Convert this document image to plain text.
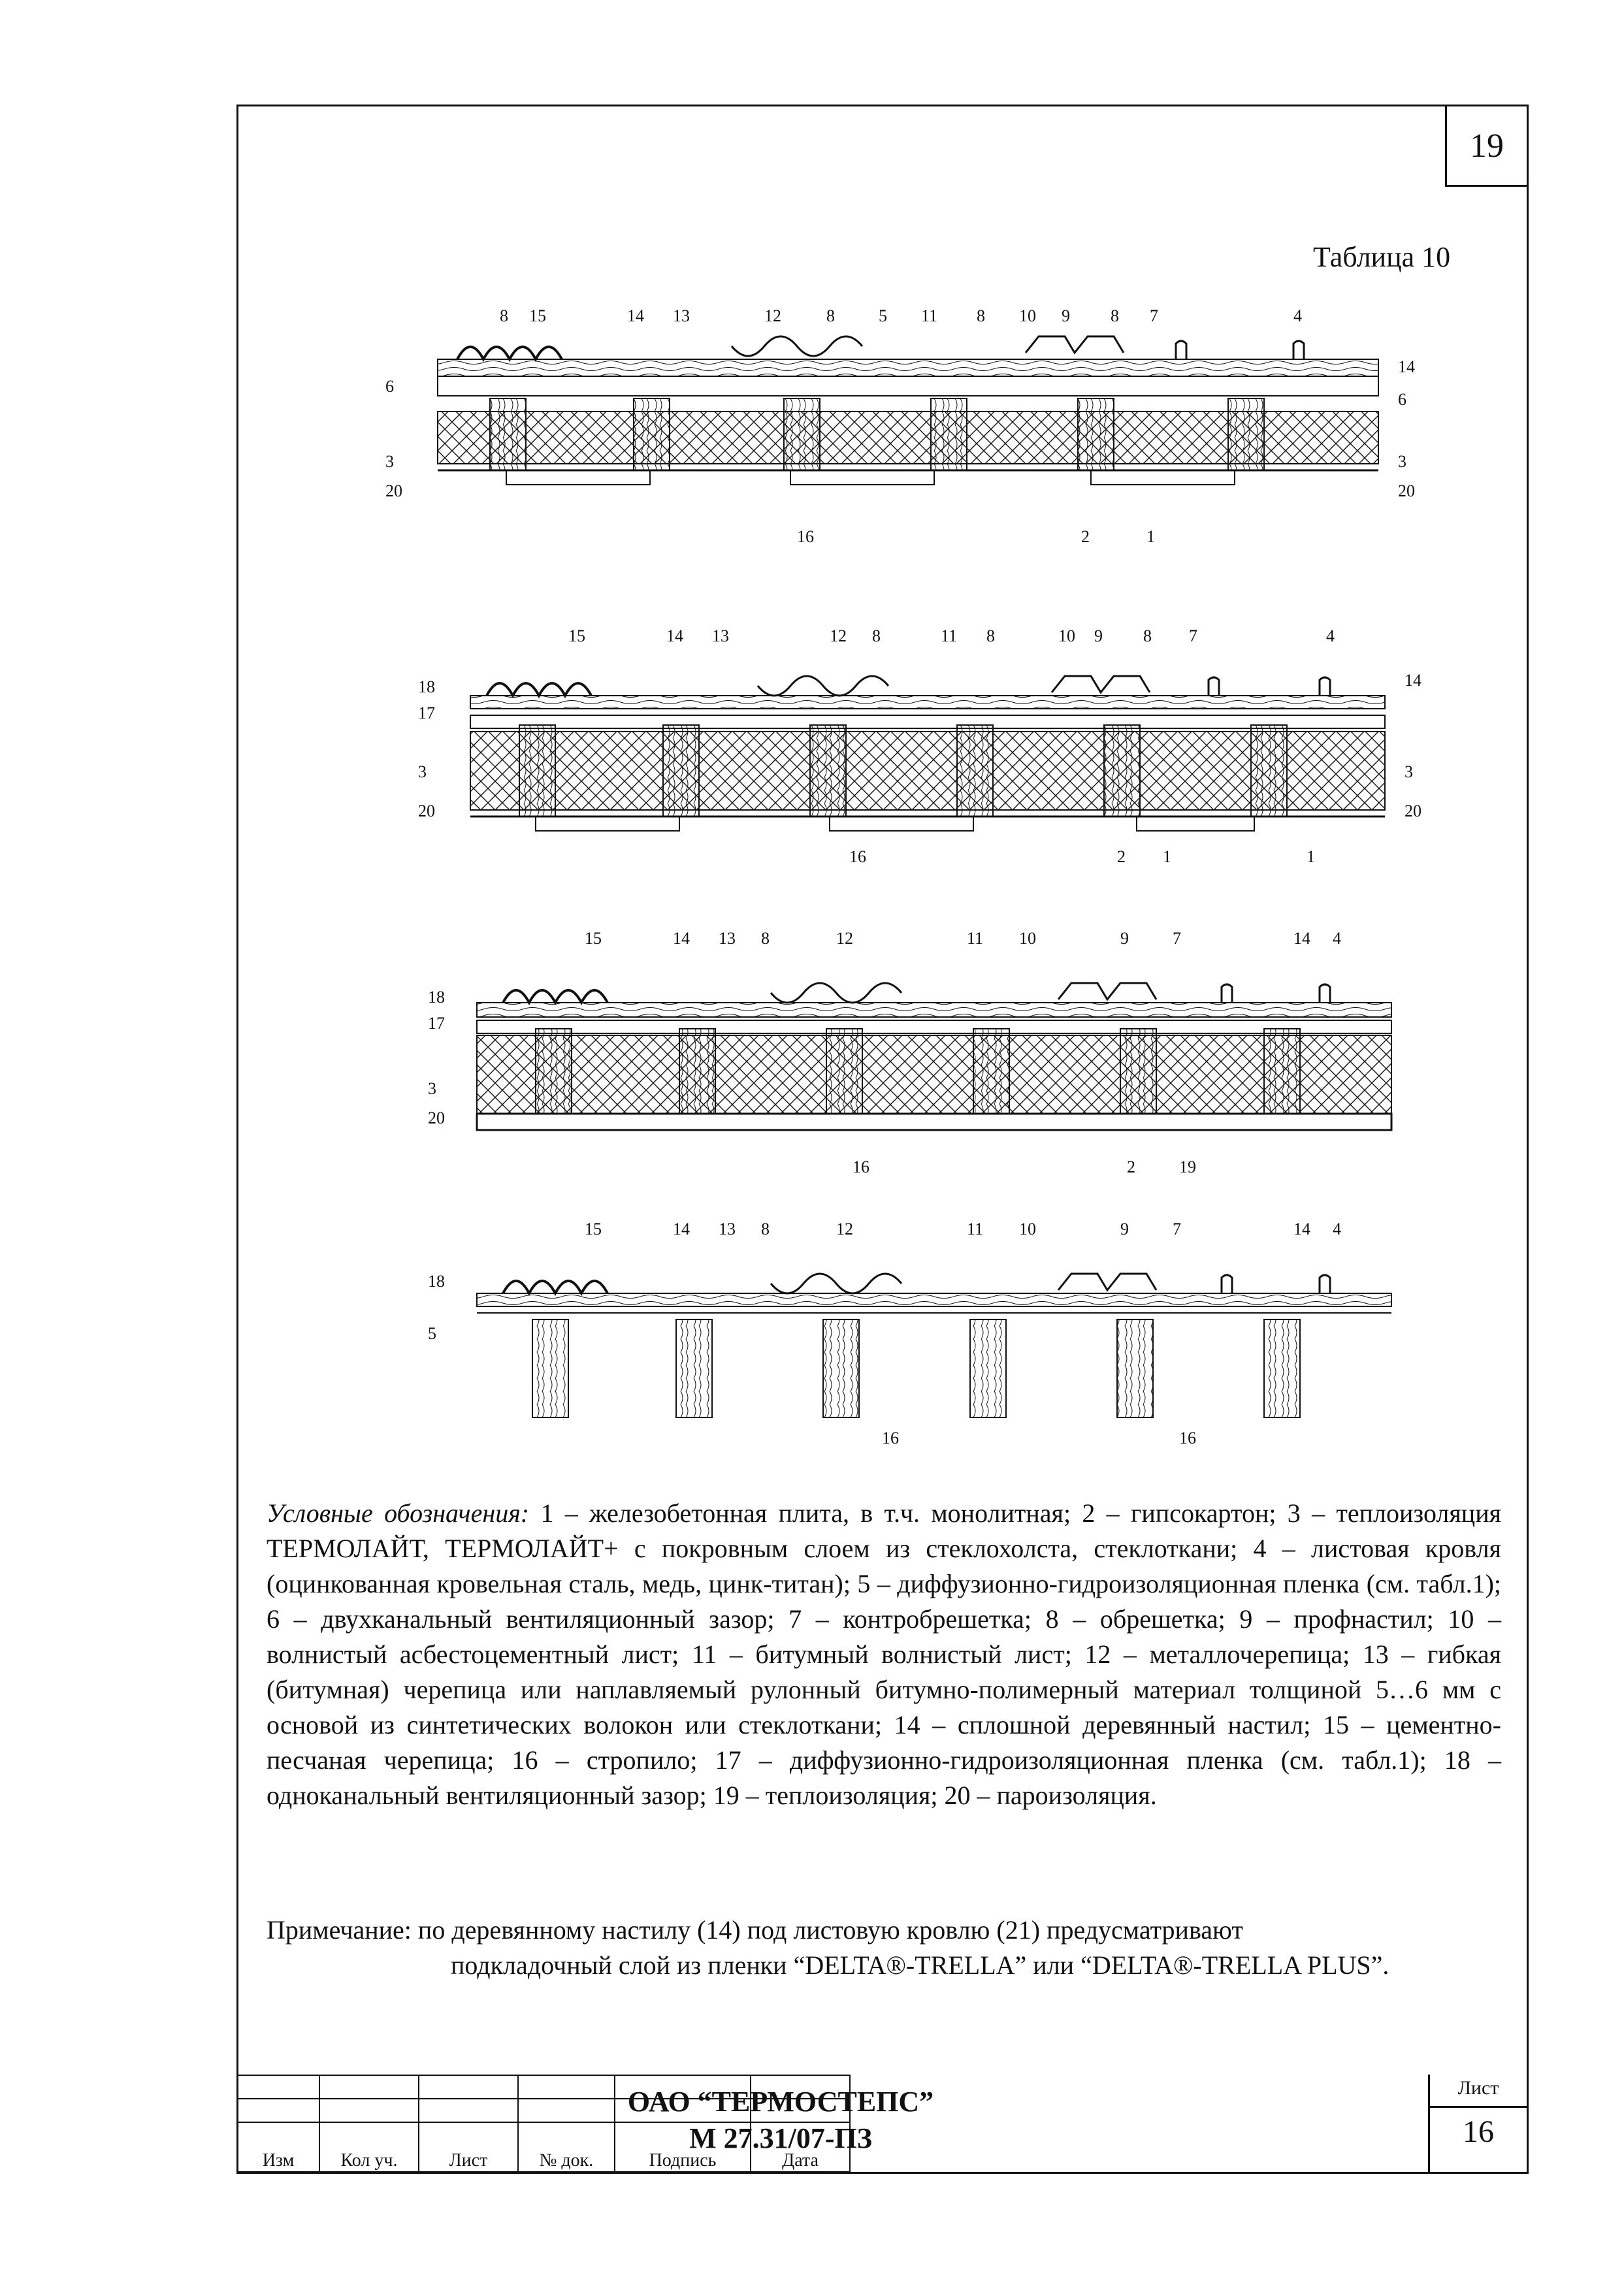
19
Таблица 10
8 15	14 13	12	8	5 11 8 10 9 8 7	4
6
3
20
14
6
3
20
16	2	1
15	14 13	12 8	11 8	10 9 8 7	4
18
17
3
20
14
3
20
16	2 1	1
15	14 13 8	12	11 10	9	7	14 4
18
17
3
20
16	2	19
15	14 13 8	12	11 10	9	7	14 4
18
5
16	16
Условные обозначения: 1 – железобетонная плита, в т.ч. монолитная; 2 – гипсокартон; 3 – теплоизоляция ТЕРМОЛАЙТ, ТЕРМОЛАЙТ+ с покровным слоем из стеклохолста, стеклоткани; 4 – листовая кровля (оцинкованная кровельная сталь, медь, цинк-титан); 5 – диффузионно-гидроизоляционная пленка (см. табл.1); 6 – двухканальный вентиляционный зазор; 7 – контробрешетка; 8 – обрешетка; 9 – профнастил; 10 – волнистый асбестоцементный лист; 11 – битумный волнистый лист; 12 – металлочерепица; 13 – гибкая (битумная) черепица или наплавляемый рулонный битумно-полимерный материал толщиной 5…6 мм с основой из синтетических волокон или стеклоткани; 14 – сплошной деревянный настил; 15 – цементно-песчаная черепица; 16 – стропило; 17 – диффузионно-гидроизоляционная пленка (см. табл.1); 18 – одноканальный вентиляционный зазор; 19 – теплоизоляция; 20 – пароизоляция.
Примечание: по деревянному настилу (14) под листовую кровлю (21) предусматривают
подкладочный слой из пленки “DELTA®-TRELLA” или “DELTA®-TRELLA PLUS”.

Изм	Кол уч.	Лист	№ док.	Подпись	Дата
ОАО “ТЕРМОСТЕПС”
М 27.31/07-ПЗ
Лист
16
